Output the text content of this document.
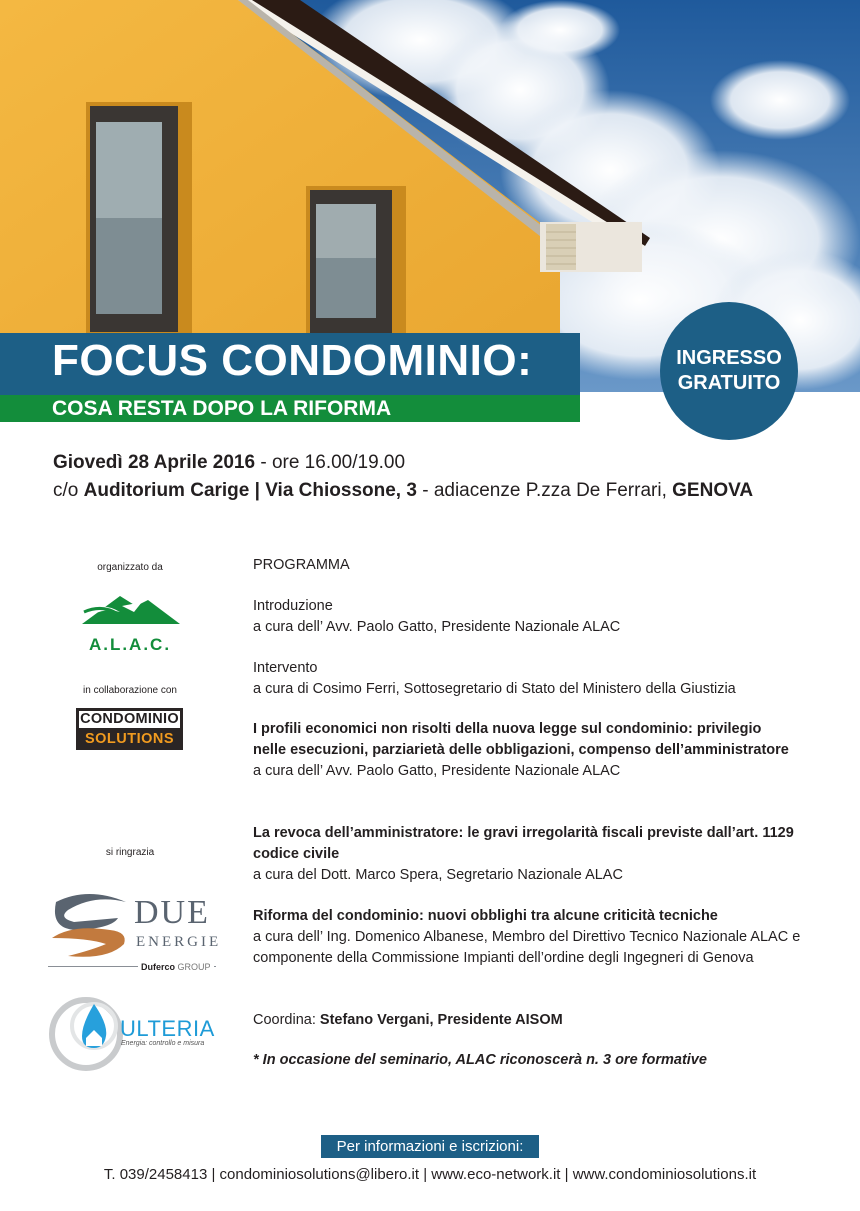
FOCUS CONDOMINIO:
COSA RESTA DOPO LA RIFORMA
INGRESSO
GRATUITO
Giovedì 28 Aprile 2016 - ore 16.00/19.00
c/o Auditorium Carige | Via Chiossone, 3 - adiacenze P.zza De Ferrari, GENOVA
organizzato da
A.L.A.C.
in collaborazione con
CONDOMINIO
SOLUTIONS
si ringrazia
DUE
ENERGIE
Duferco GROUP
ULTERIA
Energia: controllo e misura
PROGRAMMA

Introduzione

a cura dell’ Avv. Paolo Gatto, Presidente Nazionale ALAC

Intervento

a cura di Cosimo Ferri, Sottosegretario di Stato del Ministero della Giustizia

I profili economici non risolti della nuova legge sul condominio: privilegio nelle esecuzioni, parziarietà delle obbligazioni, compenso dell’amministratore

a cura dell’ Avv. Paolo Gatto, Presidente Nazionale ALAC

La revoca dell’amministratore: le gravi irregolarità fiscali previste dall’art. 1129 codice civile

a cura del Dott. Marco Spera, Segretario Nazionale ALAC

Riforma del condominio: nuovi obblighi tra alcune criticità tecniche

a cura dell’ Ing. Domenico Albanese, Membro del Direttivo Tecnico Nazionale ALAC e componente della Commissione Impianti dell’ordine degli Ingegneri di Genova

Coordina: Stefano Vergani, Presidente AISOM
* In occasione del seminario, ALAC riconoscerà n. 3 ore formative
Per informazioni e iscrizioni:
T. 039/2458413 | condominiosolutions@libero.it | www.eco-network.it | www.condominiosolutions.it
